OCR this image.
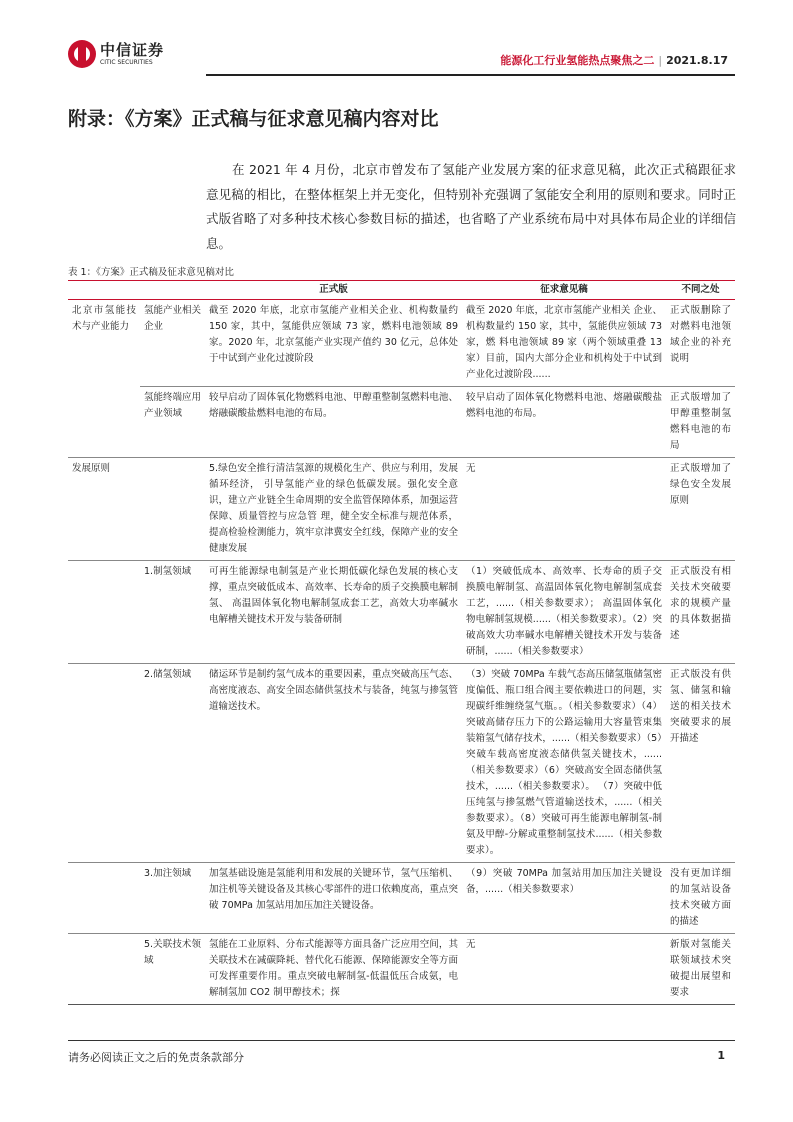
中信证券
CITIC SECURITIES	能源化工行业氢能热点聚焦之二 | 2021.8.17
附录：《方案》正式稿与征求意见稿内容对比

在 2021 年 4 月份，北京市曾发布了氢能产业发展方案的征求意见稿，此次正式稿跟征求意见稿的相比，在整体框架上并无变化，但特别补充强调了氢能安全利用的原则和要求。同时正式版省略了对多种技术核心参数目标的描述，也省略了产业系统布局中对具体布局企业的详细信息。

表 1：《方案》正式稿及征求意见稿对比
		正式版	征求意见稿	不同之处
北京市氢能技术与产业能力	氢能产业相关企业	截至 2020 年底，北京市氢能产业相关企业、机构数量约 150 家，其中，氢能供应领域 73 家，燃料电池领域 89 家。2020 年，北京氢能产业实现产值约 30 亿元，总体处于中试到产业化过渡阶段	截至 2020 年底，北京市氢能产业相关 企业、机构数量约 150 家，其中，氢能供应领域 73 家，燃 料电池领域 89 家（两个领域重叠 13 家）目前，国内大部分企业和机构处于中试到产业化过渡阶段......	正式版删除了对燃料电池领域企业的补充说明
	氢能终端应用产业领域	较早启动了固体氧化物燃料电池、甲醇重整制氢燃料电池、熔融碳酸盐燃料电池的布局。	较早启动了固体氧化物燃料电池、熔融碳酸盐燃料电池的布局。	正式版增加了甲醇重整制氢燃料电池的布局
发展原则		5.绿色安全推行清洁氢源的规模化生产、供应与利用，发展循环经济， 引导氢能产业的绿色低碳发展。强化安全意识，建立产业链全生命周期的安全监管保障体系，加强运营保障、质量管控与应急管 理，健全安全标准与规范体系，提高检验检测能力，筑牢京津冀安全红线，保障产业的安全健康发展	无	正式版增加了绿色安全发展原则
	1.制氢领域	可再生能源绿电制氢是产业长期低碳化绿色发展的核心支撑，重点突破低成本、高效率、长寿命的质子交换膜电解制氢、 高温固体氧化物电解制氢成套工艺，高效大功率碱水电解槽关键技术开发与装备研制	（1）突破低成本、高效率、长寿命的质子交换膜电解制氢、高温固体氧化物电解制氢成套工艺，......（相关参数要求）； 高温固体氧化物电解制氢规模......（相关参数要求）。（2）突破高效大功率碱水电解槽关键技术开发与装备研制，......（相关参数要求）	正式版没有相关技术突破要求的规模产量的具体数据描述
	2.储氢领域	储运环节是制约氢气成本的重要因素，重点突破高压气态、 高密度液态、高安全固态储供氢技术与装备，纯氢与掺氢管道输送技术。	（3）突破 70MPa 车载气态高压储氢瓶储氢密度偏低、瓶口组合阀主要依赖进口的问题，实现碳纤维缠绕氢气瓶。。（相关参数要求）（4）突破高储存压力下的公路运输用大容量管束集装箱氢气储存技术，......（相关参数要求）（5）突破车载高密度液态储供氢关键技术，......（相关参数要求）（6）突破高安全固态储供氢技术，......（相关参数要求）。 （7）突破中低压纯氢与掺氢燃气管道输送技术，......（相关参数要求）。（8）突破可再生能源电解制氢-制氨及甲醇-分解或重整制氢技术......（相关参数要求）。	正式版没有供氢、储氢和输送的相关技术突破要求的展开描述
	3.加注领域	加氢基础设施是氢能利用和发展的关键环节，氢气压缩机、 加注机等关键设备及其核心零部件的进口依赖度高，重点突破 70MPa 加氢站用加压加注关键设备。	（9）突破 70MPa 加氢站用加压加注关键设备，......（相关参数要求）	没有更加详细的加氢站设备技术突破方面的描述
	5.关联技术领域	氢能在工业原料、分布式能源等方面具备广泛应用空间，其关联技术在减碳降耗、替代化石能源、保障能源安全等方面可发挥重要作用。重点突破电解制氢-低温低压合成氨，电解制氢加 CO2 制甲醇技术；探	无	新版对氢能关联领域技术突破提出展望和要求
请务必阅读正文之后的免责条款部分	1
